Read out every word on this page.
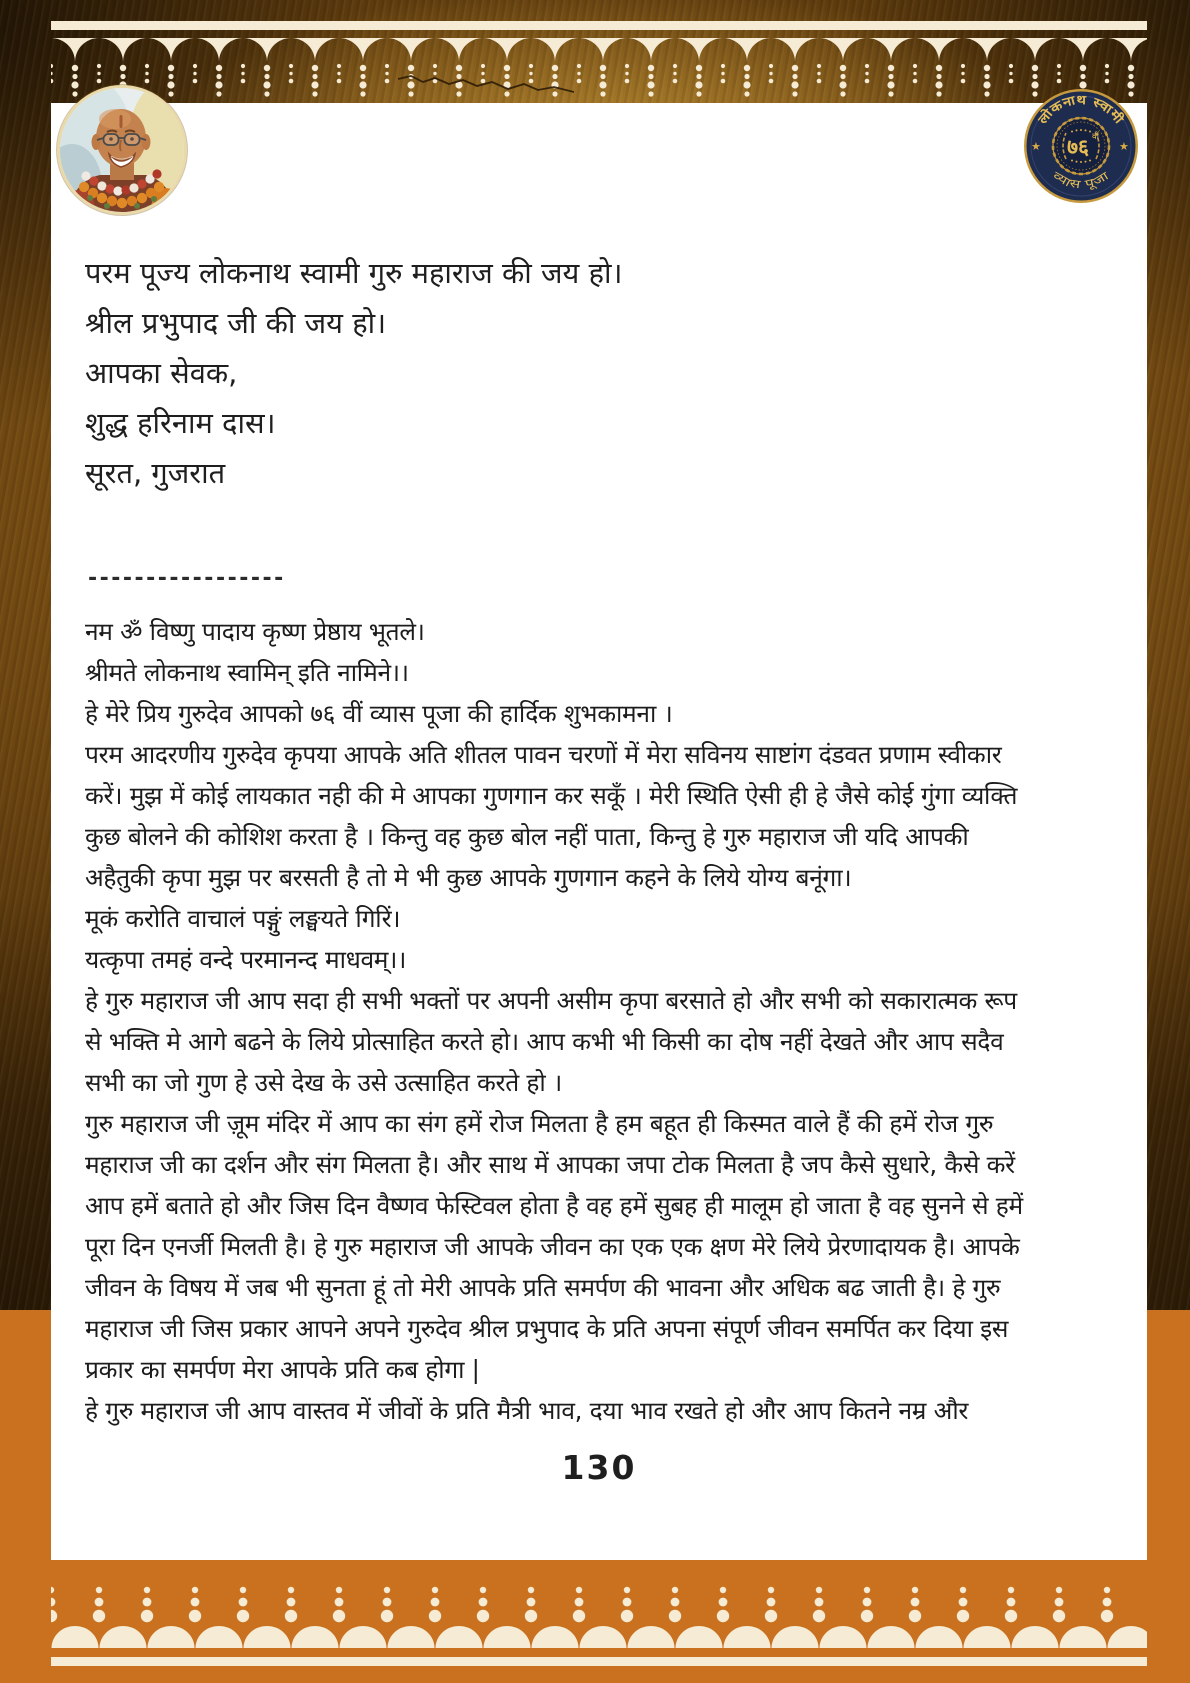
लोकनाथ स्वामी
व्यास पूजा
★	★
७६ वीं
परम पूज्य लोकनाथ स्वामी गुरु महाराज की जय हो।
श्रील प्रभुपाद जी की जय हो।
आपका सेवक,
शुद्ध हरिनाम दास।
सूरत, गुजरात
-----------------
नम ॐ विष्णु पादाय कृष्ण प्रेष्ठाय भूतले।
श्रीमते लोकनाथ स्वामिन् इति नामिने।।
हे मेरे प्रिय गुरुदेव आपको ७६ वीं व्यास पूजा की हार्दिक शुभकामना ।
परम आदरणीय गुरुदेव कृपया आपके अति शीतल पावन चरणों में मेरा सविनय साष्टांग दंडवत प्रणाम स्वीकार
करें। मुझ में कोई लायकात नही की मे आपका गुणगान कर सकूँ । मेरी स्थिति ऐसी ही हे जैसे कोई गुंगा व्यक्ति
कुछ बोलने की कोशिश करता है । किन्तु वह कुछ बोल नहीं पाता, किन्तु हे गुरु महाराज जी यदि आपकी
अहैतुकी कृपा मुझ पर बरसती है तो मे भी कुछ आपके गुणगान कहने के लिये योग्य बनूंगा।
मूकं करोति वाचालं पङ्गुं लङ्घयते गिरिं।
यत्कृपा तमहं वन्दे परमानन्द माधवम्।।
हे गुरु महाराज जी आप सदा ही सभी भक्तों पर अपनी असीम कृपा बरसाते हो और सभी को सकारात्मक रूप
से भक्ति मे आगे बढने के लिये प्रोत्साहित करते हो। आप कभी भी किसी का दोष नहीं देखते और आप सदैव
सभी का जो गुण हे उसे देख के उसे उत्साहित करते हो ।
गुरु महाराज जी ज़ूम मंदिर में आप का संग हमें रोज मिलता है हम बहूत ही किस्मत वाले हैं की हमें रोज गुरु
महाराज जी का दर्शन और संग मिलता है। और साथ में आपका जपा टोक मिलता है जप कैसे सुधारे, कैसे करें
आप हमें बताते हो और जिस दिन वैष्णव फेस्टिवल होता है वह हमें सुबह ही मालूम हो जाता है वह सुनने से हमें
पूरा दिन एनर्जी मिलती है। हे गुरु महाराज जी आपके जीवन का एक एक क्षण मेरे लिये प्रेरणादायक है। आपके
जीवन के विषय में जब भी सुनता हूं तो मेरी आपके प्रति समर्पण की भावना और अधिक बढ जाती है। हे गुरु
महाराज जी जिस प्रकार आपने अपने गुरुदेव श्रील प्रभुपाद के प्रति अपना संपूर्ण जीवन समर्पित कर दिया इस
प्रकार का समर्पण मेरा आपके प्रति कब होगा |
हे गुरु महाराज जी आप वास्तव में जीवों के प्रति मैत्री भाव, दया भाव रखते हो और आप कितने नम्र और
130
